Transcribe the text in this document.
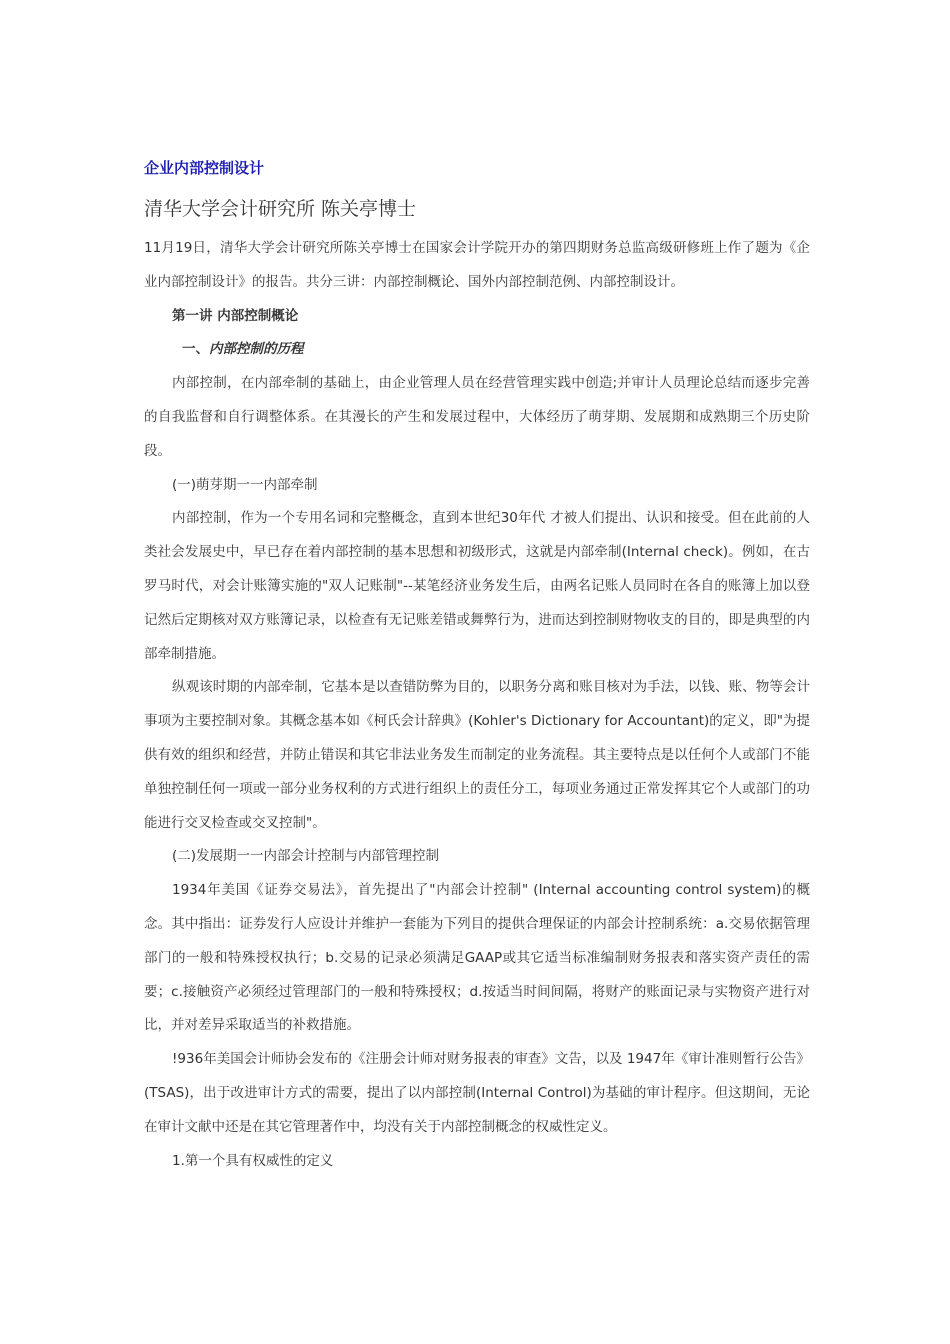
企业内部控制设计
清华大学会计研究所 陈关亭博士

11月19日，清华大学会计研究所陈关亭博士在国家会计学院开办的第四期财务总监高级研修班上作了题为《企业内部控制设计》的报告。共分三讲：内部控制概论、国外内部控制范例、内部控制设计。

第一讲 内部控制概论

一、内部控制的历程

内部控制，在内部牵制的基础上，由企业管理人员在经营管理实践中创造;并审计人员理论总结而逐步完善的自我监督和自行调整体系。在其漫长的产生和发展过程中，大体经历了萌芽期、发展期和成熟期三个历史阶段。

(一)萌芽期一一内部牵制

内部控制，作为一个专用名词和完整概念，直到本世纪30年代 才被人们提出、认识和接受。但在此前的人类社会发展史中，早已存在着内部控制的基本思想和初级形式，这就是内部牵制(Internal check)。例如，在古罗马时代，对会计账簿实施的"双人记账制"--某笔经济业务发生后，由两名记账人员同时在各自的账簿上加以登记然后定期核对双方账簿记录，以检查有无记账差错或舞弊行为，进而达到控制财物收支的目的，即是典型的内部牵制措施。

纵观该时期的内部牵制，它基本是以查错防弊为目的，以职务分离和账目核对为手法，以钱、账、物等会计事项为主要控制对象。其概念基本如《柯氏会计辞典》(Kohler's Dictionary for Accountant)的定义，即"为提供有效的组织和经营，并防止错误和其它非法业务发生而制定的业务流程。其主要特点是以任何个人或部门不能单独控制任何一项或一部分业务权利的方式进行组织上的责任分工，每项业务通过正常发挥其它个人或部门的功能进行交叉检查或交叉控制"。

(二)发展期一一内部会计控制与内部管理控制

1934年美国《证券交易法》，首先提出了"内部会计控制" (Internal accounting control system)的概念。其中指出：证券发行人应设计并维护一套能为下列目的提供合理保证的内部会计控制系统：a.交易依据管理部门的一般和特殊授权执行；b.交易的记录必须满足GAAP或其它适当标准编制财务报表和落实资产责任的需要；c.接触资产必须经过管理部门的一般和特殊授权；d.按适当时间间隔，将财产的账面记录与实物资产进行对比，并对差异采取适当的补救措施。

!936年美国会计师协会发布的《注册会计师对财务报表的审查》文告，以及 1947年《审计准则暂行公告》(TSAS)，出于改进审计方式的需要，提出了以内部控制(Internal Control)为基础的审计程序。但这期间，无论在审计文献中还是在其它管理著作中，均没有关于内部控制概念的权威性定义。

1.第一个具有权威性的定义
